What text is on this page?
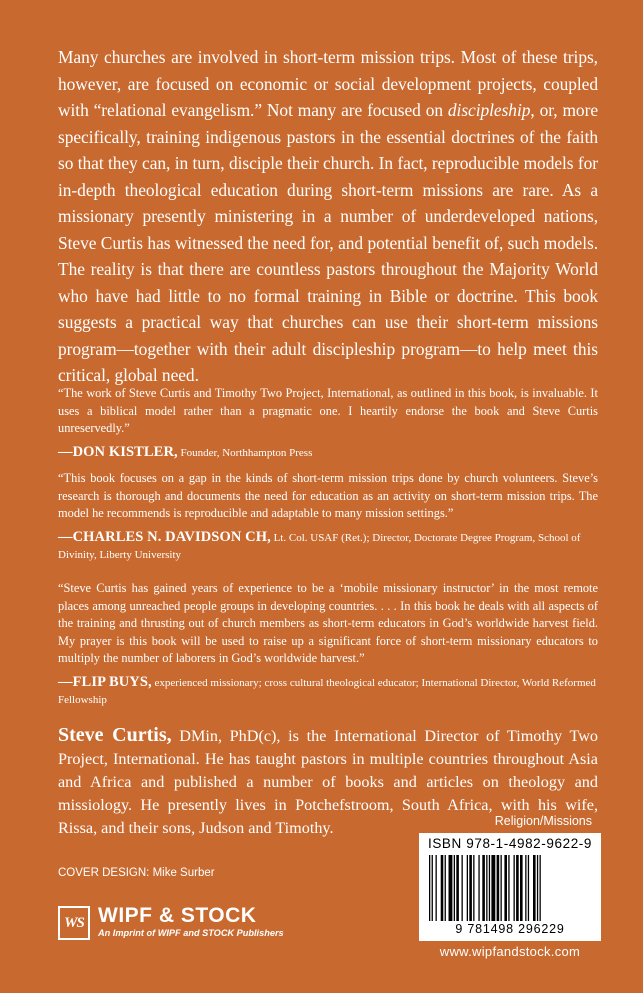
Many churches are involved in short-term mission trips. Most of these trips, however, are focused on economic or social development projects, coupled with “relational evangelism.” Not many are focused on discipleship, or, more specifically, training indigenous pastors in the essential doctrines of the faith so that they can, in turn, disciple their church. In fact, reproducible models for in-depth theological education during short-term missions are rare. As a missionary presently ministering in a number of underdeveloped nations, Steve Curtis has witnessed the need for, and potential benefit of, such models. The reality is that there are countless pastors throughout the Majority World who have had little to no formal training in Bible or doctrine. This book suggests a practical way that churches can use their short-term missions program—together with their adult discipleship program—to help meet this critical, global need.

“The work of Steve Curtis and Timothy Two Project, International, as outlined in this book, is invaluable. It uses a biblical model rather than a pragmatic one. I heartily endorse the book and Steve Curtis unreservedly.”

—DON KISTLER, Founder, Northhampton Press

“This book focuses on a gap in the kinds of short-term mission trips done by church volunteers. Steve’s research is thorough and documents the need for education as an activity on short-term mission trips. The model he recommends is reproducible and adaptable to many mission settings.”

—CHARLES N. DAVIDSON CH, Lt. Col. USAF (Ret.); Director, Doctorate Degree Program, School of Divinity, Liberty University

“Steve Curtis has gained years of experience to be a ‘mobile missionary instructor’ in the most remote places among unreached people groups in developing countries. . . . In this book he deals with all aspects of the training and thrusting out of church members as short-term educators in God’s worldwide harvest field. My prayer is this book will be used to raise up a significant force of short-term missionary educators to multiply the number of laborers in God’s worldwide harvest.”

—FLIP BUYS, experienced missionary; cross cultural theological educator; International Director, World Reformed Fellowship

Steve Curtis, DMin, PhD(c), is the International Director of Timothy Two Project, International. He has taught pastors in multiple countries throughout Asia and Africa and published a number of books and articles on theology and missiology. He presently lives in Potchefstroom, South Africa, with his wife, Rissa, and their sons, Judson and Timothy.	Religion/Missions
ISBN 978-1-4982-9622-9
9 781498 296229
COVER DESIGN: Mike Surber
WS WIPF & STOCK
An Imprint of WIPF and STOCK Publishers
www.wipfandstock.com
